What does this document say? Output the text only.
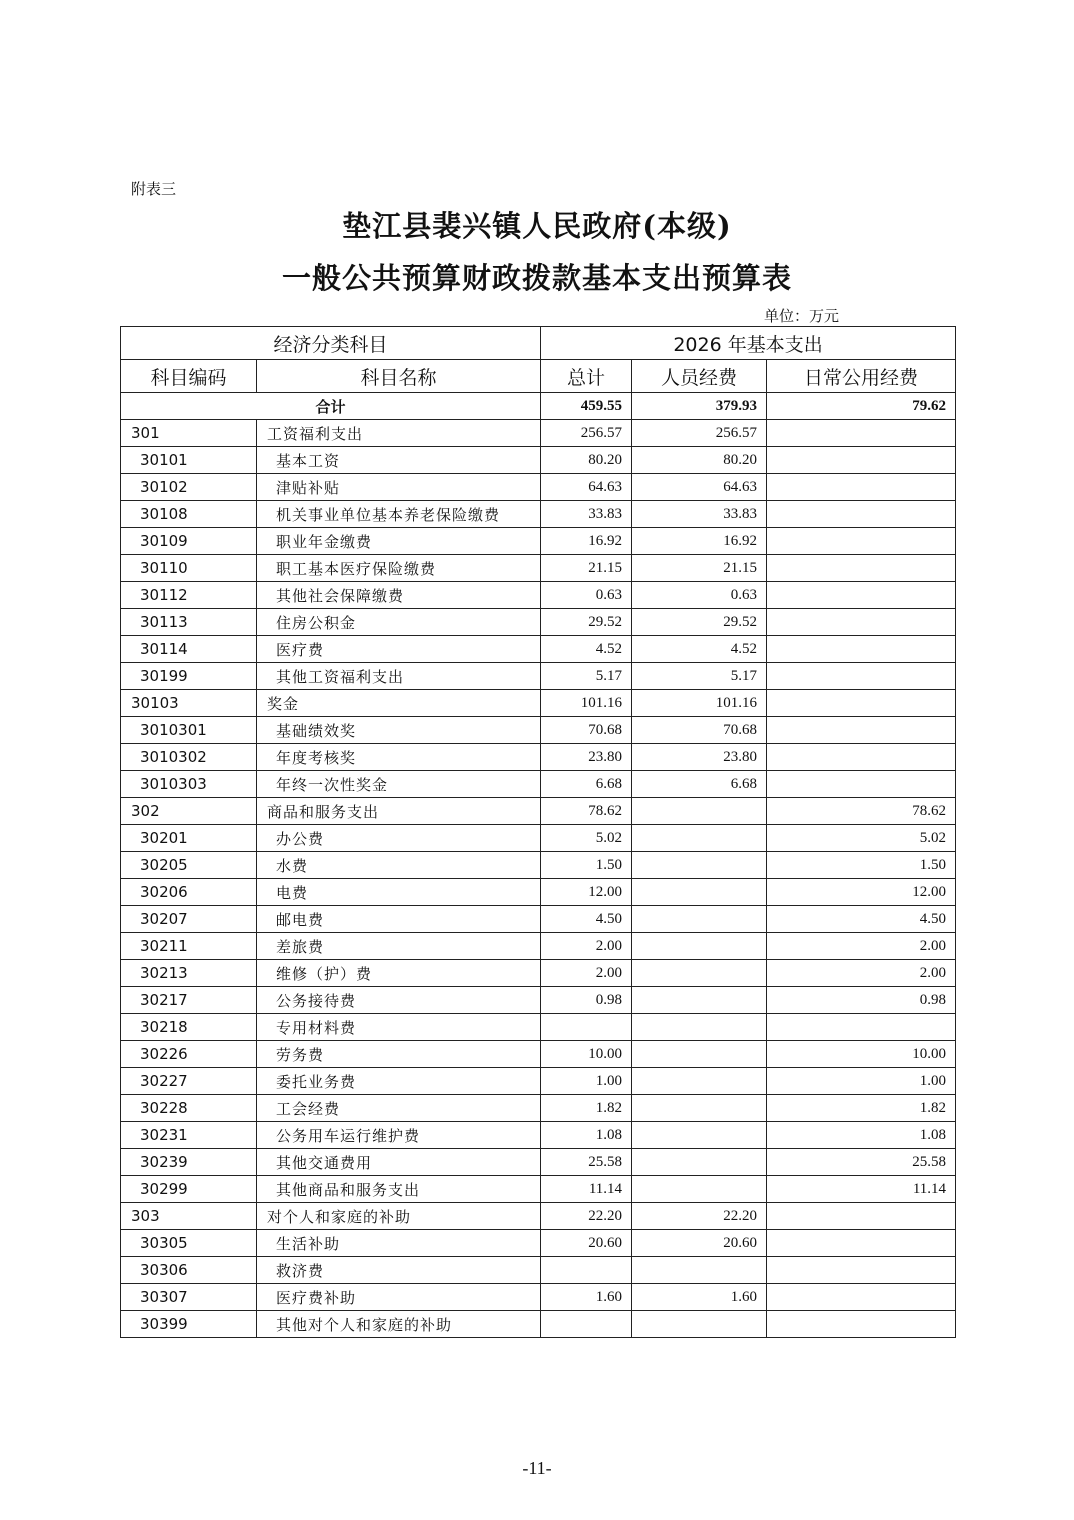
附表三
垫江县裴兴镇人民政府(本级)
一般公共预算财政拨款基本支出预算表
单位：万元
经济分类科目		2026 年基本支出		
科目编码	科目名称	总计	人员经费	日常公用经费
合计		459.55	379.93	79.62
301	工资福利支出	256.57	256.57	
30101	基本工资	80.20	80.20	
30102	津贴补贴	64.63	64.63	
30108	机关事业单位基本养老保险缴费	33.83	33.83	
30109	职业年金缴费	16.92	16.92	
30110	职工基本医疗保险缴费	21.15	21.15	
30112	其他社会保障缴费	0.63	0.63	
30113	住房公积金	29.52	29.52	
30114	医疗费	4.52	4.52	
30199	其他工资福利支出	5.17	5.17	
30103	奖金	101.16	101.16	
3010301	基础绩效奖	70.68	70.68	
3010302	年度考核奖	23.80	23.80	
3010303	年终一次性奖金	6.68	6.68	
302	商品和服务支出	78.62		78.62
30201	办公费	5.02		5.02
30205	水费	1.50		1.50
30206	电费	12.00		12.00
30207	邮电费	4.50		4.50
30211	差旅费	2.00		2.00
30213	维修（护）费	2.00		2.00
30217	公务接待费	0.98		0.98
30218	专用材料费			
30226	劳务费	10.00		10.00
30227	委托业务费	1.00		1.00
30228	工会经费	1.82		1.82
30231	公务用车运行维护费	1.08		1.08
30239	其他交通费用	25.58		25.58
30299	其他商品和服务支出	11.14		11.14
303	对个人和家庭的补助	22.20	22.20	
30305	生活补助	20.60	20.60	
30306	救济费			
30307	医疗费补助	1.60	1.60	
30399	其他对个人和家庭的补助			
-11-
